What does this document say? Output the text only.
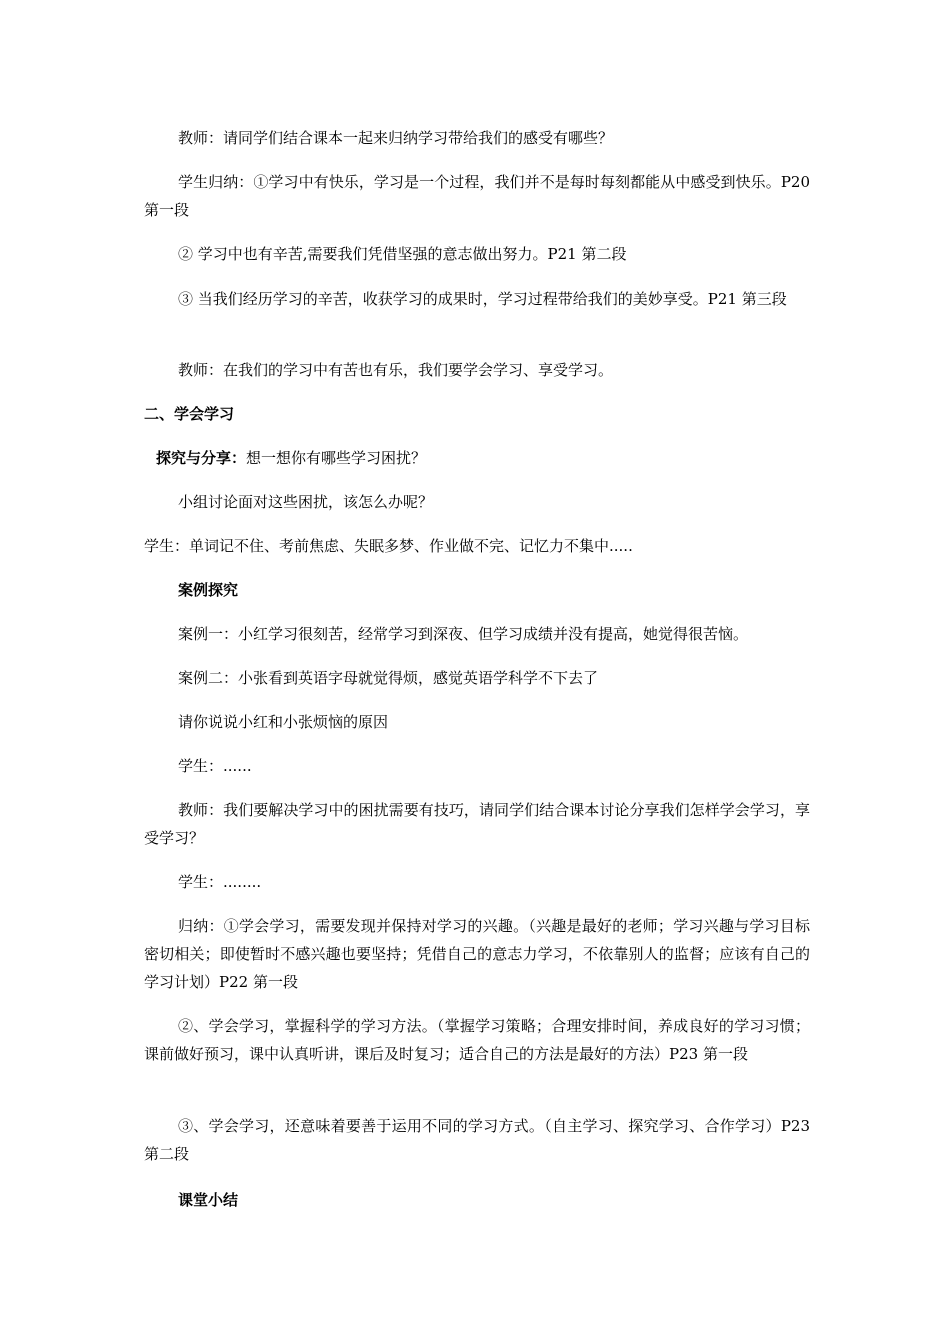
教师：请同学们结合课本一起来归纳学习带给我们的感受有哪些？

学生归纳：①学习中有快乐，学习是一个过程，我们并不是每时每刻都能从中感受到快乐。P20 第一段

② 学习中也有辛苦,需要我们凭借坚强的意志做出努力。P21 第二段

③ 当我们经历学习的辛苦，收获学习的成果时，学习过程带给我们的美妙享受。P21 第三段

教师：在我们的学习中有苦也有乐，我们要学会学习、享受学习。

二、学会学习

探究与分享：想一想你有哪些学习困扰？

小组讨论面对这些困扰，该怎么办呢？

学生：单词记不住、考前焦虑、失眠多梦、作业做不完、记忆力不集中.....

案例探究

案例一：小红学习很刻苦，经常学习到深夜、但学习成绩并没有提高，她觉得很苦恼。

案例二：小张看到英语字母就觉得烦，感觉英语学科学不下去了

请你说说小红和小张烦恼的原因

学生：......

教师：我们要解决学习中的困扰需要有技巧，请同学们结合课本讨论分享我们怎样学会学习，享受学习？

学生：........

归纳：①学会学习，需要发现并保持对学习的兴趣。（兴趣是最好的老师；学习兴趣与学习目标密切相关；即使暂时不感兴趣也要坚持；凭借自己的意志力学习，不依靠别人的监督；应该有自己的学习计划）P22 第一段

②、学会学习，掌握科学的学习方法。（掌握学习策略；合理安排时间，养成良好的学习习惯；课前做好预习，课中认真听讲，课后及时复习；适合自己的方法是最好的方法）P23 第一段

③、学会学习，还意味着要善于运用不同的学习方式。（自主学习、探究学习、合作学习）P23 第二段

课堂小结
